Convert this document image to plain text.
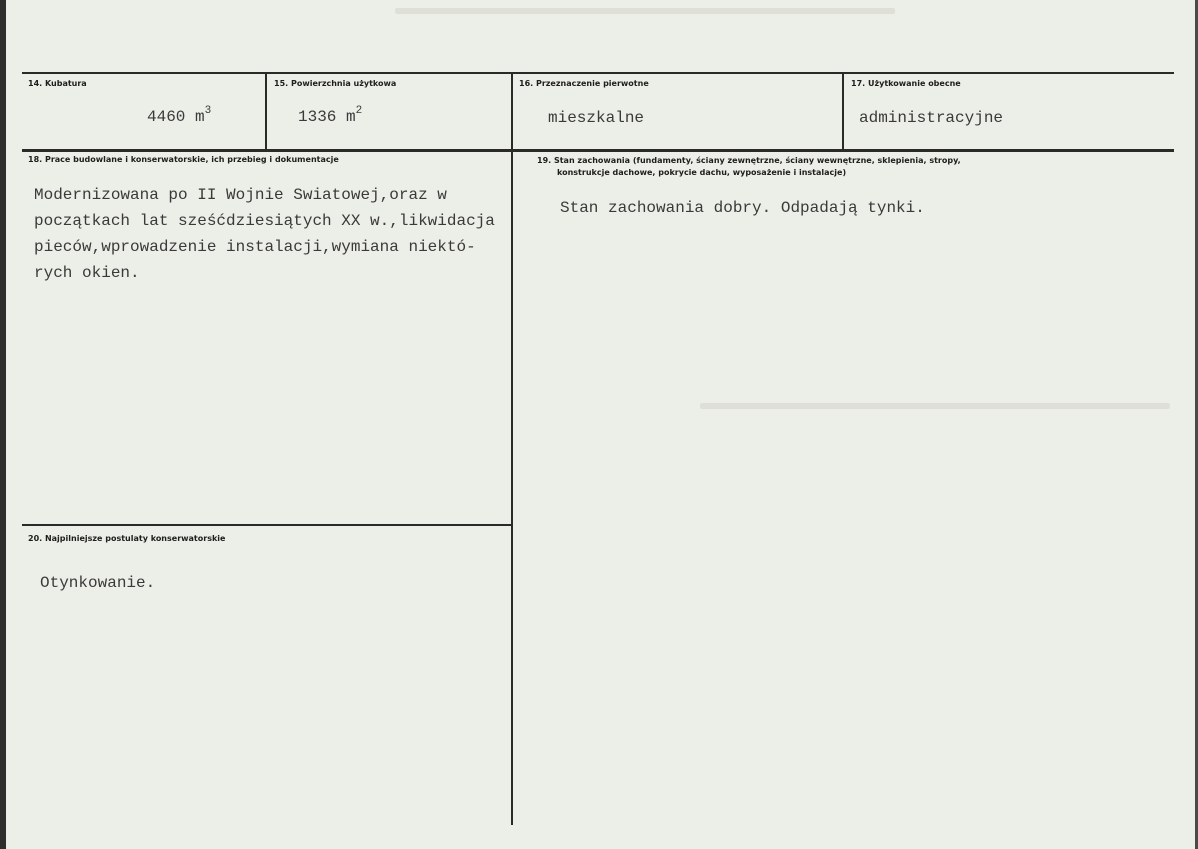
14. Kubatura
4460 $m^3$
15. Powierzchnia użytkowa
1336 $m^2$
16. Przeznaczenie pierwotne
mieszkalne
17. Użytkowanie obecne
administracyjne
18. Prace budowlane i konserwatorskie, ich przebieg i dokumentacje
Modernizowana po II Wojnie Swiatowej,oraz w
początkach lat sześćdziesiątych XX w.,likwidacja
pieców,wprowadzenie instalacji,wymiana niektó-
rych okien.
19. Stan zachowania (fundamenty, ściany zewnętrzne, ściany wewnętrzne, sklepienia, stropy,
konstrukcje dachowe, pokrycie dachu, wyposażenie i instalacje)
Stan zachowania dobry. Odpadają tynki.
20. Najpilniejsze postulaty konserwatorskie
Otynkowanie.
